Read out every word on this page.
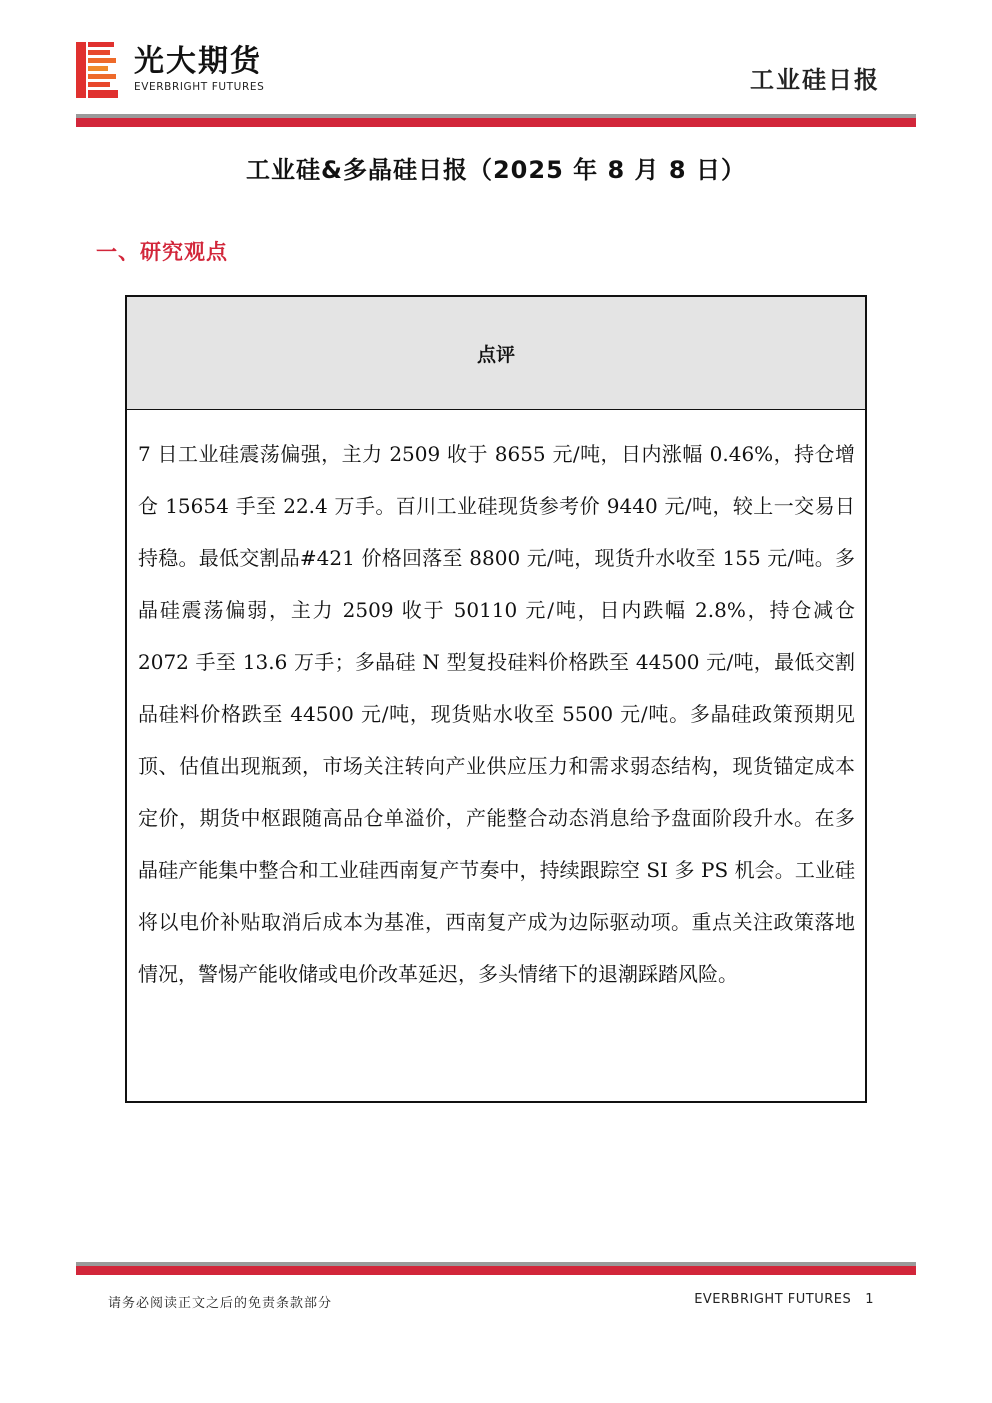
光大期货
EVERBRIGHT FUTURES	工业硅日报
工业硅&多晶硅日报（2025 年 8 月 8 日）
一、研究观点
点评
7 日工业硅震荡偏强，主力 2509 收于 8655 元/吨，日内涨幅 0.46%，持仓增仓 15654 手至 22.4 万手。百川工业硅现货参考价 9440 元/吨，较上一交易日持稳。最低交割品#421 价格回落至 8800 元/吨，现货升水收至 155 元/吨。多晶硅震荡偏弱，主力 2509 收于 50110 元/吨，日内跌幅 2.8%，持仓减仓 2072 手至 13.6 万手；多晶硅 N 型复投硅料价格跌至 44500 元/吨，最低交割品硅料价格跌至 44500 元/吨，现货贴水收至 5500 元/吨。多晶硅政策预期见顶、估值出现瓶颈，市场关注转向产业供应压力和需求弱态结构，现货锚定成本定价，期货中枢跟随高品仓单溢价，产能整合动态消息给予盘面阶段升水。在多晶硅产能集中整合和工业硅西南复产节奏中，持续跟踪空 SI 多 PS 机会。工业硅将以电价补贴取消后成本为基准，西南复产成为边际驱动项。重点关注政策落地情况，警惕产能收储或电价改革延迟，多头情绪下的退潮踩踏风险。
请务必阅读正文之后的免责条款部分	EVERBRIGHT FUTURES 1
